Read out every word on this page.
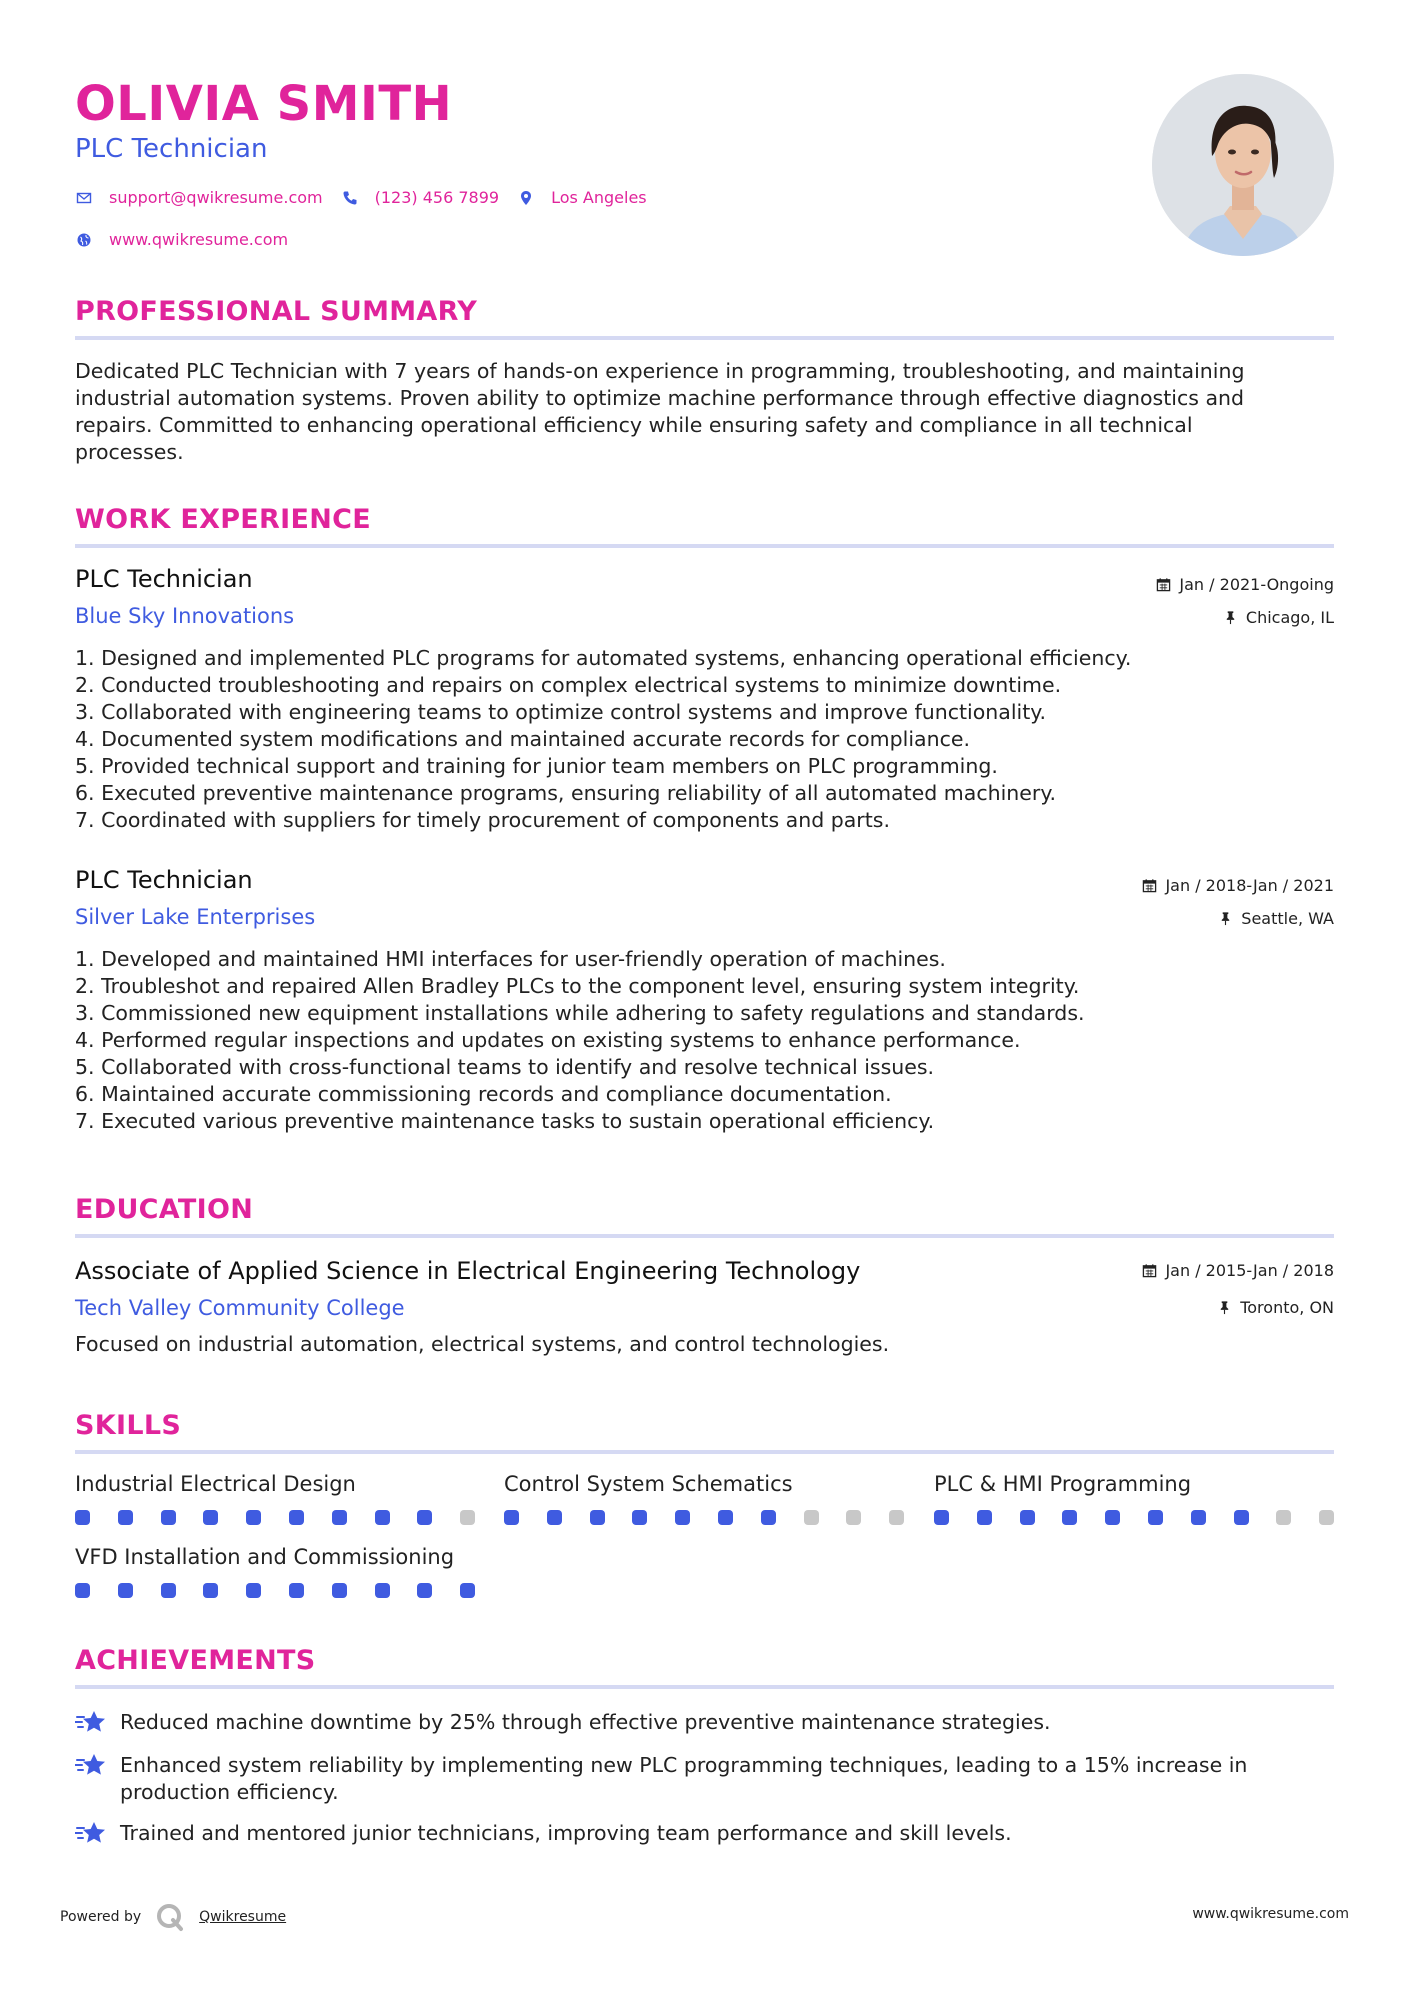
OLIVIA SMITH
PLC Technician
support@qwikresume.com	(123) 456 7899	Los Angeles
www.qwikresume.com
PROFESSIONAL SUMMARY
Dedicated PLC Technician with 7 years of hands-on experience in programming, troubleshooting, and maintaining industrial automation systems. Proven ability to optimize machine performance through effective diagnostics and repairs. Committed to enhancing operational efficiency while ensuring safety and compliance in all technical processes.
WORK EXPERIENCE
PLC Technician
Blue Sky Innovations
Jan / 2021-Ongoing
Chicago, IL
1. Designed and implemented PLC programs for automated systems, enhancing operational efficiency.
2. Conducted troubleshooting and repairs on complex electrical systems to minimize downtime.
3. Collaborated with engineering teams to optimize control systems and improve functionality.
4. Documented system modifications and maintained accurate records for compliance.
5. Provided technical support and training for junior team members on PLC programming.
6. Executed preventive maintenance programs, ensuring reliability of all automated machinery.
7. Coordinated with suppliers for timely procurement of components and parts.
PLC Technician
Silver Lake Enterprises
Jan / 2018-Jan / 2021
Seattle, WA
1. Developed and maintained HMI interfaces for user-friendly operation of machines.
2. Troubleshot and repaired Allen Bradley PLCs to the component level, ensuring system integrity.
3. Commissioned new equipment installations while adhering to safety regulations and standards.
4. Performed regular inspections and updates on existing systems to enhance performance.
5. Collaborated with cross-functional teams to identify and resolve technical issues.
6. Maintained accurate commissioning records and compliance documentation.
7. Executed various preventive maintenance tasks to sustain operational efficiency.
EDUCATION
Associate of Applied Science in Electrical Engineering Technology
Tech Valley Community College
Jan / 2015-Jan / 2018
Toronto, ON
Focused on industrial automation, electrical systems, and control technologies.
SKILLS
Industrial Electrical Design	Control System Schematics	PLC & HMI Programming
VFD Installation and Commissioning
ACHIEVEMENTS
Reduced machine downtime by 25% through effective preventive maintenance strategies.
Enhanced system reliability by implementing new PLC programming techniques, leading to a 15% increase in production efficiency.
Trained and mentored junior technicians, improving team performance and skill levels.
Powered by	Qwikresume	www.qwikresume.com
